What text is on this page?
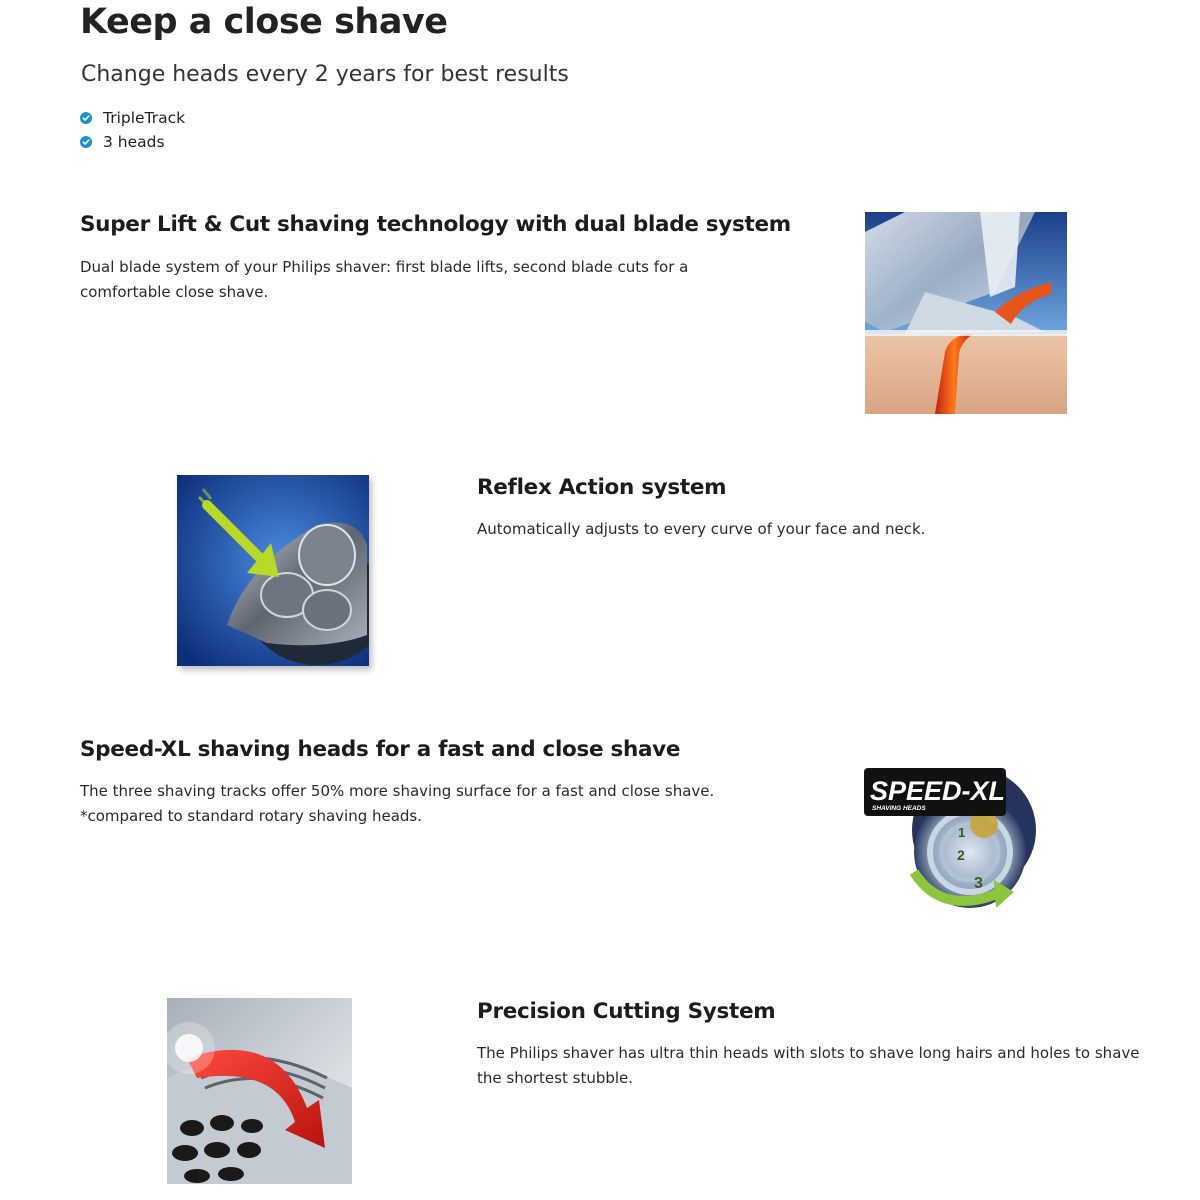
Keep a close shave
Change heads every 2 years for best results
TripleTrack
3 heads
Super Lift & Cut shaving technology with dual blade system

Dual blade system of your Philips shaver: first blade lifts, second blade cuts for a
comfortable close shave.

Reflex Action system

Automatically adjusts to every curve of your face and neck.

Speed-XL shaving heads for a fast and close shave

The three shaving tracks offer 50% more shaving surface for a fast and close shave.
*compared to standard rotary shaving heads.

1
2
3
SPEED-XL
SHAVING HEADS
Precision Cutting System

The Philips shaver has ultra thin heads with slots to shave long hairs and holes to shave
the shortest stubble.
